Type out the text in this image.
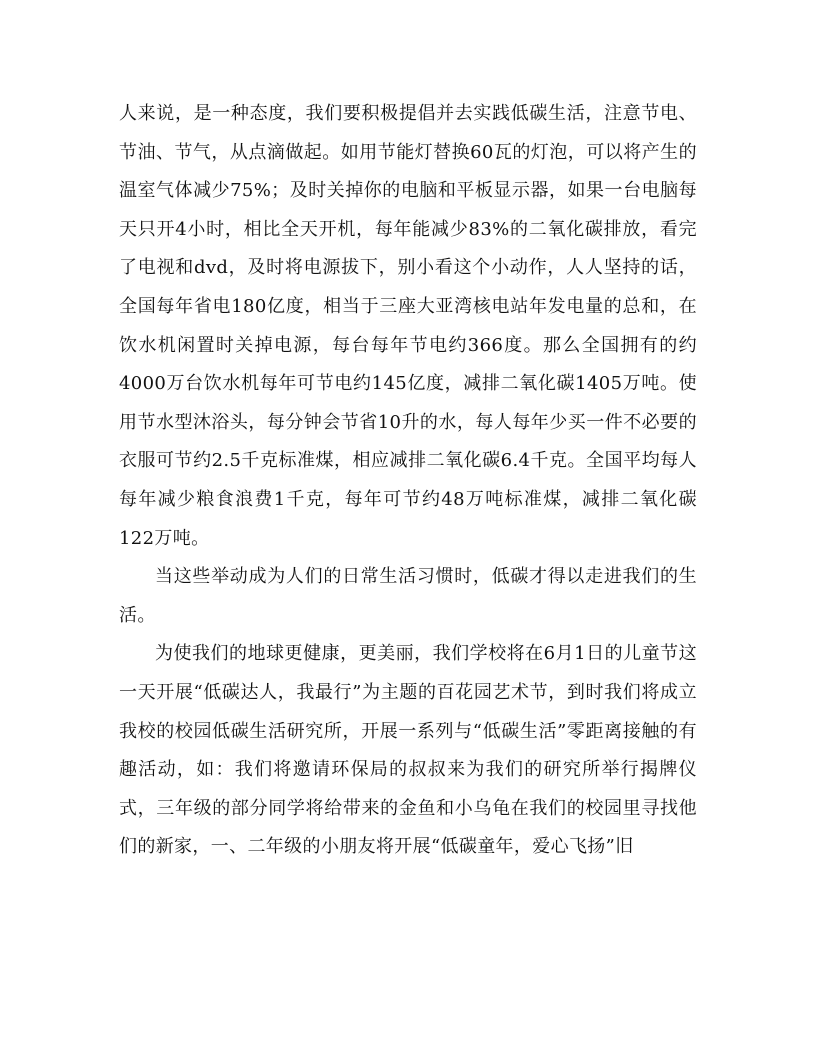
人来说，是一种态度，我们要积极提倡并去实践低碳生活，注意节电、节油、节气，从点滴做起。如用节能灯替换60瓦的灯泡，可以将产生的温室气体减少75%；及时关掉你的电脑和平板显示器，如果一台电脑每天只开4小时，相比全天开机，每年能减少83%的二氧化碳排放，看完了电视和dvd，及时将电源拔下，别小看这个小动作，人人坚持的话，全国每年省电180亿度，相当于三座大亚湾核电站年发电量的总和，在饮水机闲置时关掉电源，每台每年节电约366度。那么全国拥有的约4000万台饮水机每年可节电约145亿度，减排二氧化碳1405万吨。使用节水型沐浴头，每分钟会节省10升的水，每人每年少买一件不必要的衣服可节约2.5千克标准煤，相应减排二氧化碳6.4千克。全国平均每人每年减少粮食浪费1千克，每年可节约48万吨标准煤，减排二氧化碳122万吨。

当这些举动成为人们的日常生活习惯时，低碳才得以走进我们的生活。

为使我们的地球更健康，更美丽，我们学校将在6月1日的儿童节这一天开展“低碳达人，我最行”为主题的百花园艺术节，到时我们将成立我校的校园低碳生活研究所，开展一系列与“低碳生活”零距离接触的有趣活动，如：我们将邀请环保局的叔叔来为我们的研究所举行揭牌仪式，三年级的部分同学将给带来的金鱼和小乌龟在我们的校园里寻找他们的新家，一、二年级的小朋友将开展“低碳童年，爱心飞扬”旧
